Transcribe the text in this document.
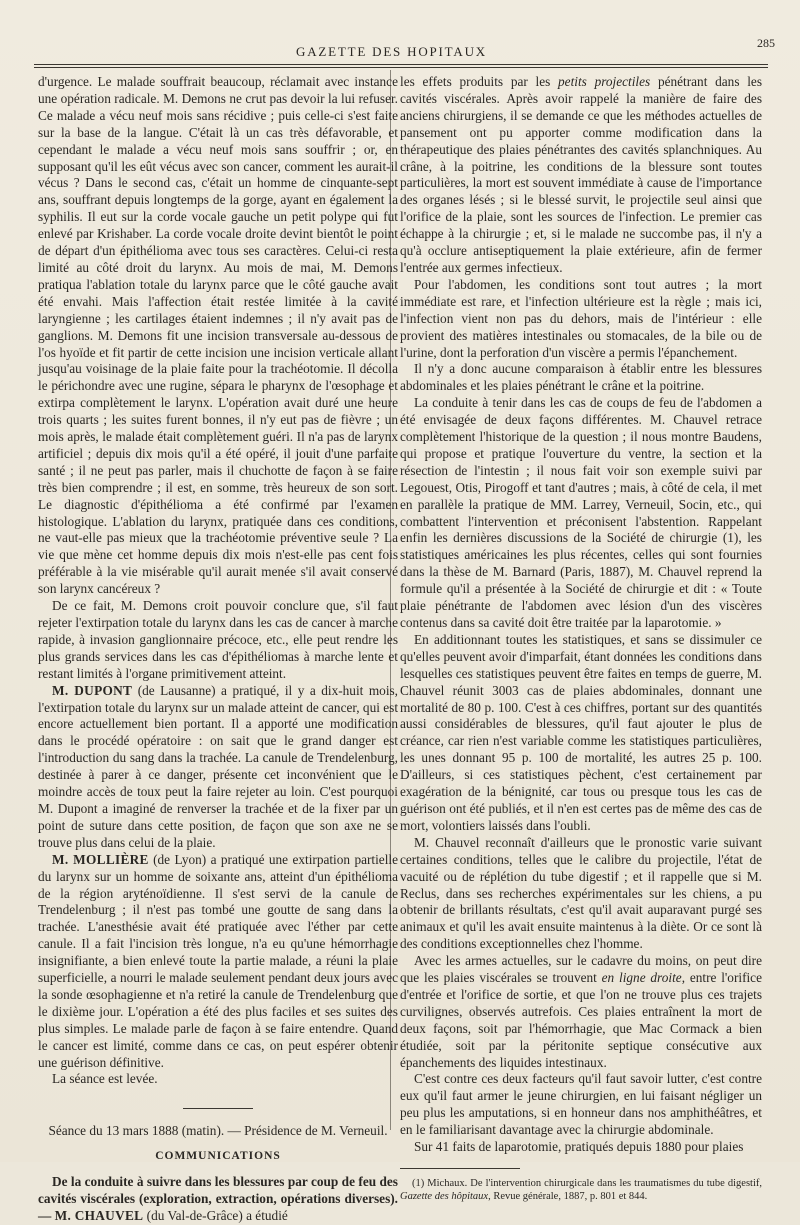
GAZETTE DES HOPITAUX
285

d'urgence. Le malade souffrait beaucoup, réclamait avec instance une opération radicale. M. Demons ne crut pas devoir la lui refuser. Ce malade a vécu neuf mois sans récidive ; puis celle-ci s'est faite sur la base de la langue. C'était là un cas très défavorable, et cependant le malade a vécu neuf mois sans souffrir ; or, en supposant qu'il les eût vécus avec son cancer, comment les aurait-il vécus ? Dans le second cas, c'était un homme de cinquante-sept ans, souffrant depuis longtemps de la gorge, ayant en également la syphilis. Il eut sur la corde vocale gauche un petit polype qui fut enlevé par Krishaber. La corde vocale droite devint bientôt le point de départ d'un épithélioma avec tous ses caractères. Celui-ci resta limité au côté droit du larynx. Au mois de mai, M. Demons pratiqua l'ablation totale du larynx parce que le côté gauche avait été envahi. Mais l'affection était restée limitée à la cavité laryngienne ; les cartilages étaient indemnes ; il n'y avait pas de ganglions. M. Demons fit une incision transversale au-dessous de l'os hyoïde et fit partir de cette incision une incision verticale allant jusqu'au voisinage de la plaie faite pour la trachéotomie. Il décolla le périchondre avec une rugine, sépara le pharynx de l'œsophage et extirpa complètement le larynx. L'opération avait duré une heure trois quarts ; les suites furent bonnes, il n'y eut pas de fièvre ; un mois après, le malade était complètement guéri. Il n'a pas de larynx artificiel ; depuis dix mois qu'il a été opéré, il jouit d'une parfaite santé ; il ne peut pas parler, mais il chuchotte de façon à se faire très bien comprendre ; il est, en somme, très heureux de son sort. Le diagnostic d'épithélioma a été confirmé par l'examen histologique. L'ablation du larynx, pratiquée dans ces conditions, ne vaut-elle pas mieux que la trachéotomie préventive seule ? La vie que mène cet homme depuis dix mois n'est-elle pas cent fois préférable à la vie misérable qu'il aurait menée s'il avait conservé son larynx cancéreux ?

De ce fait, M. Demons croit pouvoir conclure que, s'il faut rejeter l'extirpation totale du larynx dans les cas de cancer à marche rapide, à invasion ganglionnaire précoce, etc., elle peut rendre les plus grands services dans les cas d'épithéliomas à marche lente et restant limités à l'organe primitivement atteint.

M. DUPONT (de Lausanne) a pratiqué, il y a dix-huit mois, l'extirpation totale du larynx sur un malade atteint de cancer, qui est encore actuellement bien portant. Il a apporté une modification dans le procédé opératoire : on sait que le grand danger est l'introduction du sang dans la trachée. La canule de Trendelenburg, destinée à parer à ce danger, présente cet inconvénient que le moindre accès de toux peut la faire rejeter au loin. C'est pourquoi M. Dupont a imaginé de renverser la trachée et de la fixer par un point de suture dans cette position, de façon que son axe ne se trouve plus dans celui de la plaie.

M. MOLLIÈRE (de Lyon) a pratiqué une extirpation partielle du larynx sur un homme de soixante ans, atteint d'un épithélioma de la région aryténoïdienne. Il s'est servi de la canule de Trendelenburg ; il n'est pas tombé une goutte de sang dans la trachée. L'anesthésie avait été pratiquée avec l'éther par cette canule. Il a fait l'incision très longue, n'a eu qu'une hémorrhagie insignifiante, a bien enlevé toute la partie malade, a réuni la plaie superficielle, a nourri le malade seulement pendant deux jours avec la sonde œsophagienne et n'a retiré la canule de Trendelenburg que le dixième jour. L'opération a été des plus faciles et ses suites des plus simples. Le malade parle de façon à se faire entendre. Quand le cancer est limité, comme dans ce cas, on peut espérer obtenir une guérison définitive.

La séance est levée.

Séance du 13 mars 1888 (matin). — Présidence de M. Verneuil.

COMMUNICATIONS

De la conduite à suivre dans les blessures par coup de feu des cavités viscérales (exploration, extraction, opérations diverses). — M. CHAUVEL (du Val-de-Grâce) a étudié

les effets produits par les petits projectiles pénétrant dans les cavités viscérales. Après avoir rappelé la manière de faire des anciens chirurgiens, il se demande ce que les méthodes actuelles de pansement ont pu apporter comme modification dans la thérapeutique des plaies pénétrantes des cavités splanchniques. Au crâne, à la poitrine, les conditions de la blessure sont toutes particulières, la mort est souvent immédiate à cause de l'importance des organes lésés ; si le blessé survit, le projectile seul ainsi que l'orifice de la plaie, sont les sources de l'infection. Le premier cas échappe à la chirurgie ; et, si le malade ne succombe pas, il n'y a qu'à occlure antiseptiquement la plaie extérieure, afin de fermer l'entrée aux germes infectieux.

Pour l'abdomen, les conditions sont tout autres ; la mort immédiate est rare, et l'infection ultérieure est la règle ; mais ici, l'infection vient non pas du dehors, mais de l'intérieur : elle provient des matières intestinales ou stomacales, de la bile ou de l'urine, dont la perforation d'un viscère a permis l'épanchement.

Il n'y a donc aucune comparaison à établir entre les blessures abdominales et les plaies pénétrant le crâne et la poitrine.

La conduite à tenir dans les cas de coups de feu de l'abdomen a été envisagée de deux façons différentes. M. Chauvel retrace complètement l'historique de la question ; il nous montre Baudens, qui propose et pratique l'ouverture du ventre, la section et la résection de l'intestin ; il nous fait voir son exemple suivi par Legouest, Otis, Pirogoff et tant d'autres ; mais, à côté de cela, il met en parallèle la pratique de MM. Larrey, Verneuil, Socin, etc., qui combattent l'intervention et préconisent l'abstention. Rappelant enfin les dernières discussions de la Société de chirurgie (1), les statistiques américaines les plus récentes, celles qui sont fournies dans la thèse de M. Barnard (Paris, 1887), M. Chauvel reprend la formule qu'il a présentée à la Société de chirurgie et dit : « Toute plaie pénétrante de l'abdomen avec lésion d'un des viscères contenus dans sa cavité doit être traitée par la laparotomie. »

En additionnant toutes les statistiques, et sans se dissimuler ce qu'elles peuvent avoir d'imparfait, étant données les conditions dans lesquelles ces statistiques peuvent être faites en temps de guerre, M. Chauvel réunit 3003 cas de plaies abdominales, donnant une mortalité de 80 p. 100. C'est à ces chiffres, portant sur des quantités aussi considérables de blessures, qu'il faut ajouter le plus de créance, car rien n'est variable comme les statistiques particulières, les unes donnant 95 p. 100 de mortalité, les autres 25 p. 100. D'ailleurs, si ces statistiques pèchent, c'est certainement par exagération de la bénignité, car tous ou presque tous les cas de guérison ont été publiés, et il n'en est certes pas de même des cas de mort, volontiers laissés dans l'oubli.

M. Chauvel reconnaît d'ailleurs que le pronostic varie suivant certaines conditions, telles que le calibre du projectile, l'état de vacuité ou de réplétion du tube digestif ; et il rappelle que si M. Reclus, dans ses recherches expérimentales sur les chiens, a pu obtenir de brillants résultats, c'est qu'il avait auparavant purgé ses animaux et qu'il les avait ensuite maintenus à la diète. Or ce sont là des conditions exceptionnelles chez l'homme.

Avec les armes actuelles, sur le cadavre du moins, on peut dire que les plaies viscérales se trouvent en ligne droite, entre l'orifice d'entrée et l'orifice de sortie, et que l'on ne trouve plus ces trajets curvilignes, observés autrefois. Ces plaies entraînent la mort de deux façons, soit par l'hémorrhagie, que Mac Cormack a bien étudiée, soit par la péritonite septique consécutive aux épanchements des liquides intestinaux.

C'est contre ces deux facteurs qu'il faut savoir lutter, c'est contre eux qu'il faut armer le jeune chirurgien, en lui faisant négliger un peu plus les amputations, si en honneur dans nos amphithéâtres, et en le familiarisant davantage avec la chirurgie abdominale.

Sur 41 faits de laparotomie, pratiqués depuis 1880 pour plaies

(1) Michaux. De l'intervention chirurgicale dans les traumatismes du tube digestif, Gazette des hôpitaux, Revue générale, 1887, p. 801 et 844.
